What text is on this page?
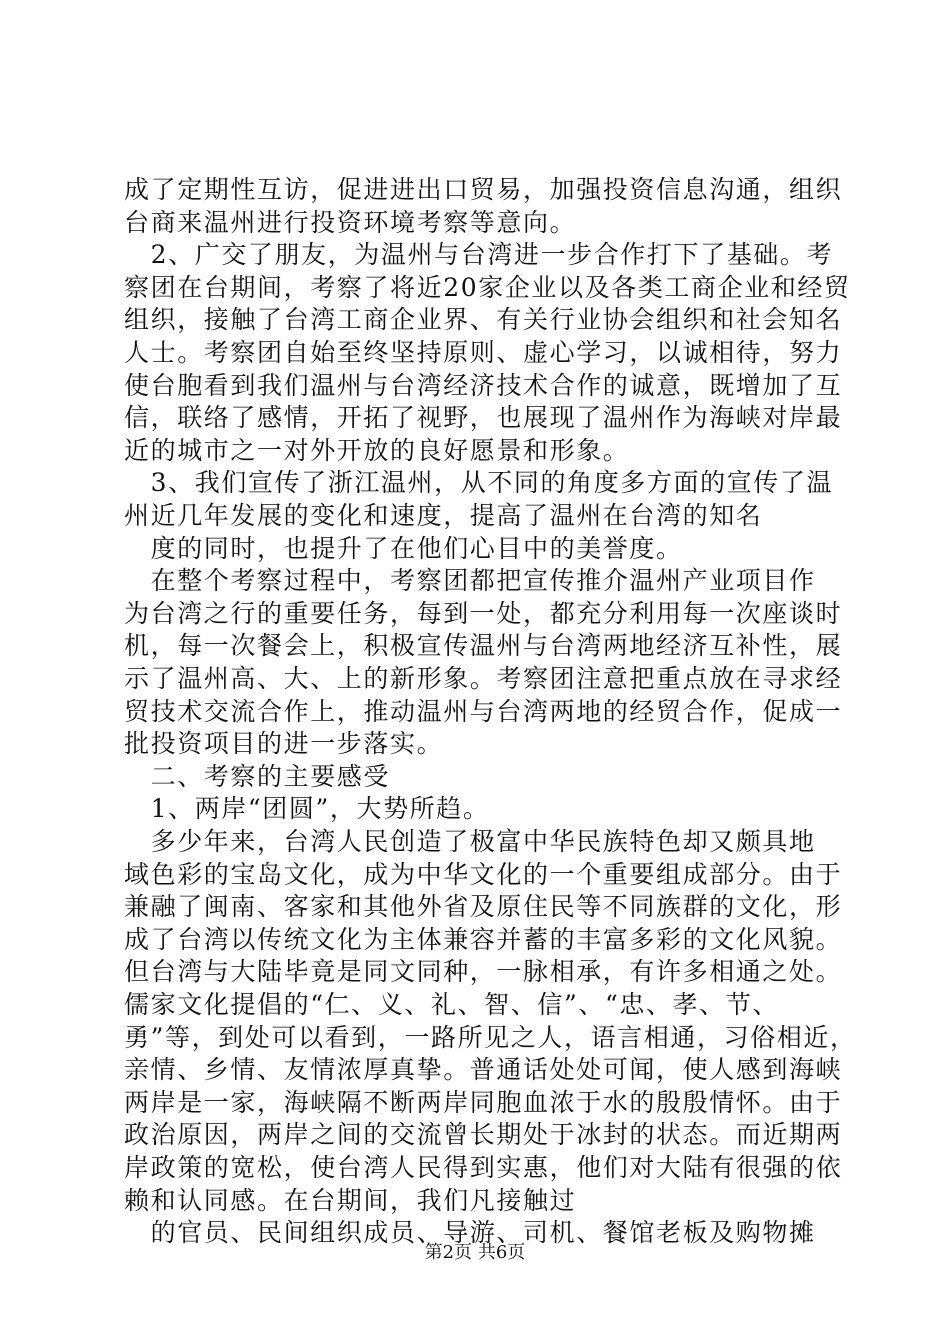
成了定期性互访，促进进出口贸易，加强投资信息沟通，组织
台商来温州进行投资环境考察等意向。
　2、广交了朋友，为温州与台湾进一步合作打下了基础。考
察团在台期间，考察了将近20家企业以及各类工商企业和经贸
组织，接触了台湾工商企业界、有关行业协会组织和社会知名
人士。考察团自始至终坚持原则、虚心学习，以诚相待，努力
使台胞看到我们温州与台湾经济技术合作的诚意，既增加了互
信，联络了感情，开拓了视野，也展现了温州作为海峡对岸最
近的城市之一对外开放的良好愿景和形象。
　3、我们宣传了浙江温州，从不同的角度多方面的宣传了温
州近几年发展的变化和速度，提高了温州在台湾的知名
　度的同时，也提升了在他们心目中的美誉度。
　在整个考察过程中，考察团都把宣传推介温州产业项目作
为台湾之行的重要任务，每到一处，都充分利用每一次座谈时
机，每一次餐会上，积极宣传温州与台湾两地经济互补性，展
示了温州高、大、上的新形象。考察团注意把重点放在寻求经
贸技术交流合作上，推动温州与台湾两地的经贸合作，促成一
批投资项目的进一步落实。
　二、考察的主要感受
　1、两岸“团圆”，大势所趋。
　多少年来，台湾人民创造了极富中华民族特色却又颇具地
域色彩的宝岛文化，成为中华文化的一个重要组成部分。由于
兼融了闽南、客家和其他外省及原住民等不同族群的文化，形
成了台湾以传统文化为主体兼容并蓄的丰富多彩的文化风貌。
但台湾与大陆毕竟是同文同种，一脉相承，有许多相通之处。
儒家文化提倡的“仁、义、礼、智、信”、“忠、孝、节、
勇”等，到处可以看到，一路所见之人，语言相通，习俗相近，
亲情、乡情、友情浓厚真挚。普通话处处可闻，使人感到海峡
两岸是一家，海峡隔不断两岸同胞血浓于水的殷殷情怀。由于
政治原因，两岸之间的交流曾长期处于冰封的状态。而近期两
岸政策的宽松，使台湾人民得到实惠，他们对大陆有很强的依
赖和认同感。在台期间，我们凡接触过
　的官员、民间组织成员、导游、司机、餐馆老板及购物摊
第2页 共6页
